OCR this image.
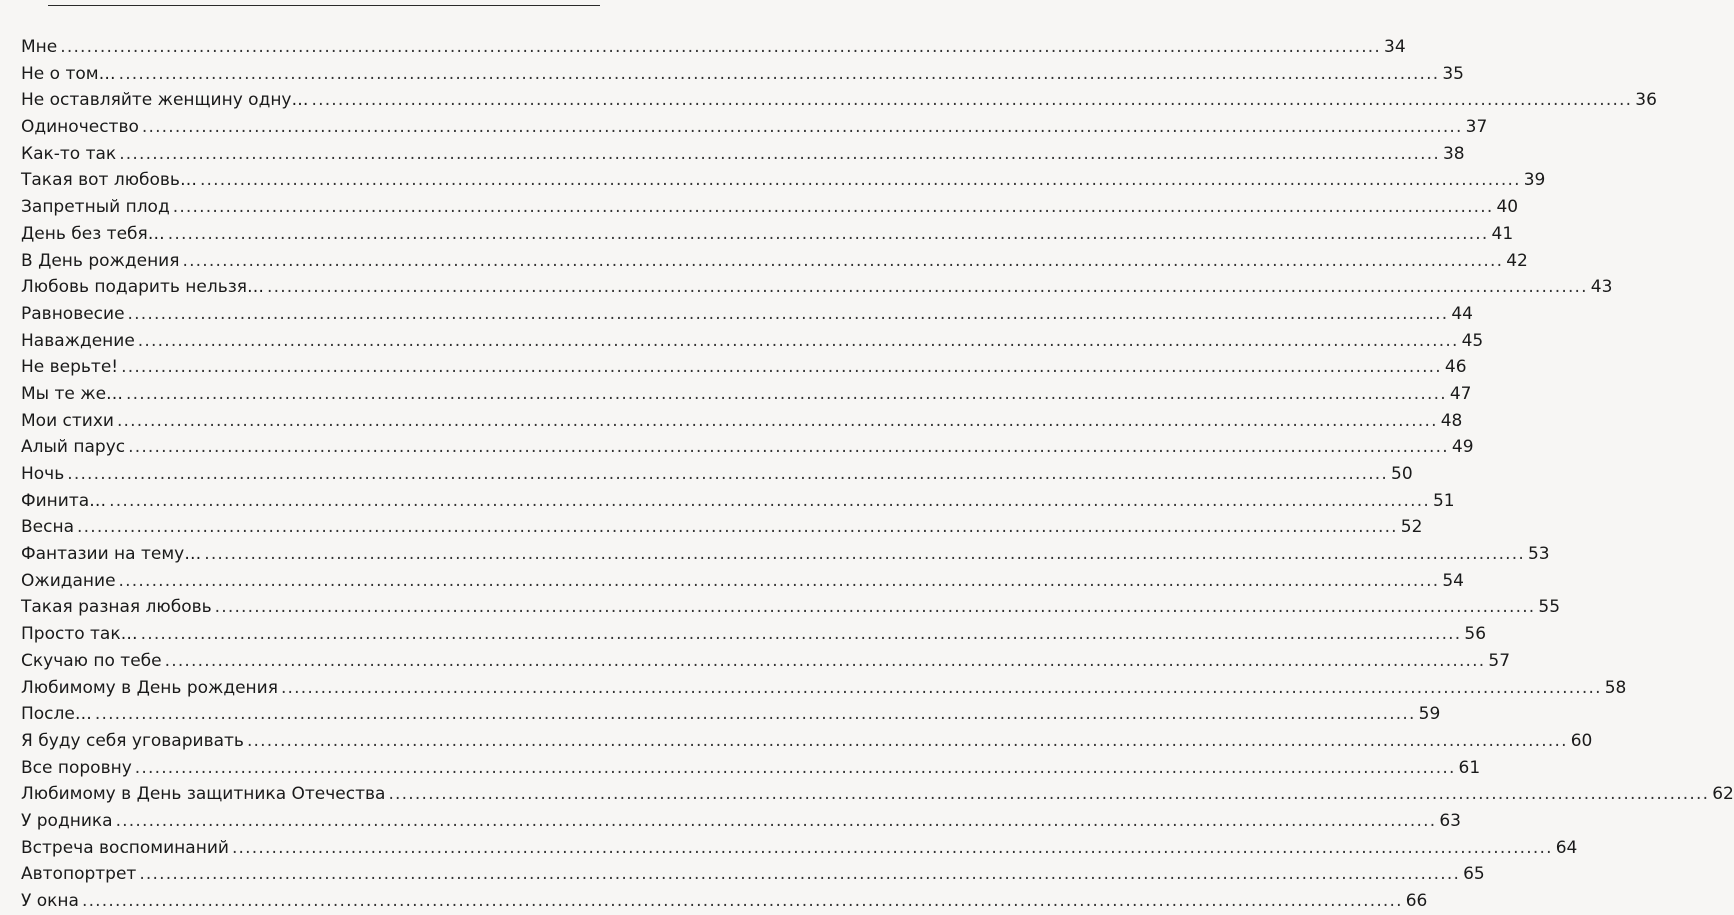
Мне .....	34
Не о том… .....	35
Не оставляйте женщину одну… .....	36
Одиночество .....	37
Как-то так .....	38
Такая вот любовь… .....	39
Запретный плод .....	40
День без тебя… .....	41
В День рождения .....	42
Любовь подарить нельзя… .....	43
Равновесие .....	44
Наваждение .....	45
Не верьте! .....	46
Мы те же… .....	47
Мои стихи .....	48
Алый парус .....	49
Ночь .....	50
Финита… .....	51
Весна .....	52
Фантазии на тему… .....	53
Ожидание .....	54
Такая разная любовь .....	55
Просто так… .....	56
Скучаю по тебе .....	57
Любимому в День рождения .....	58
После… .....	59
Я буду себя уговаривать .....	60
Все поровну .....	61
Любимому в День защитника Отечества .....	62
У родника .....	63
Встреча воспоминаний .....	64
Автопортрет .....	65
У окна .....	66
